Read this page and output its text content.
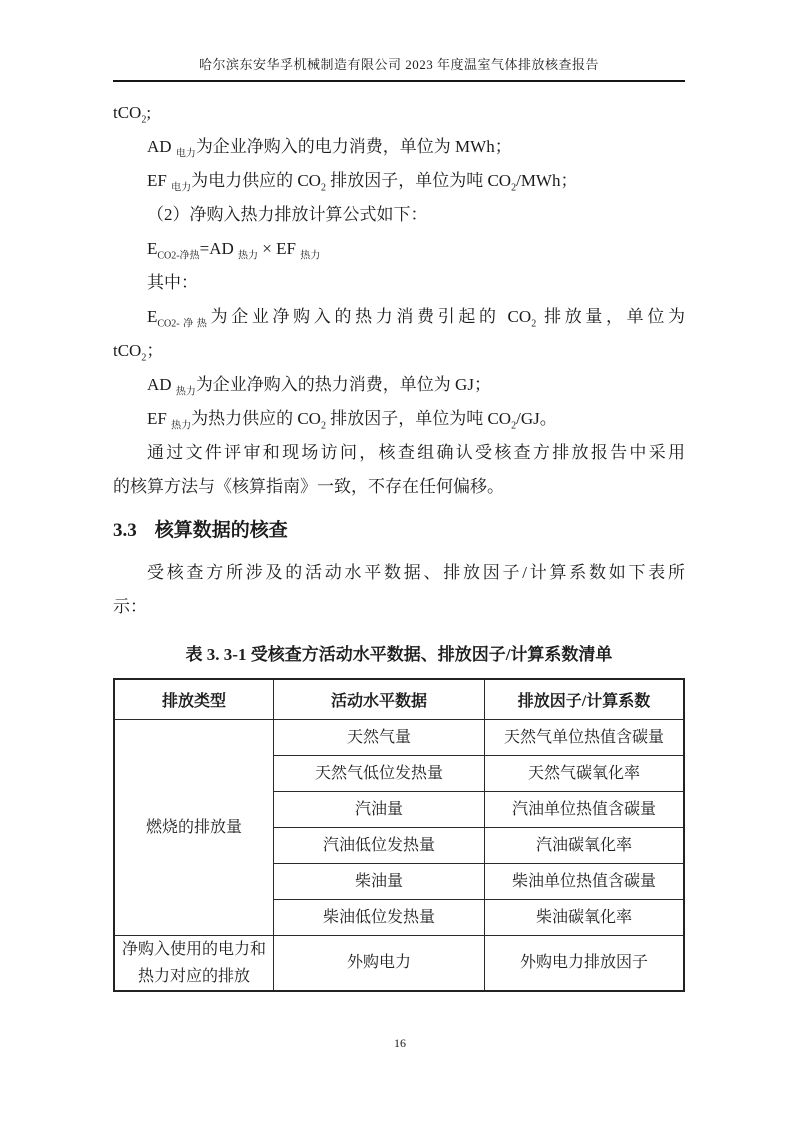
哈尔滨东安华孚机械制造有限公司 2023 年度温室气体排放核查报告

tCO$_2$;

AD $_{电力}$为企业净购入的电力消费，单位为 MWh；

EF $_{电力}$为电力供应的 $CO_2$ 排放因子，单位为吨 $CO_2$/MWh；

（2）净购入热力排放计算公式如下：

$E_{CO2-净热}=AD$ $_{热力}$ × EF $_{热力}$

其中：

$E_{CO2-净热}$为企业净购入的热力消费引起的 $CO_2$ 排放量，单位为

tCO$_2$；

AD $_{热力}$为企业净购入的热力消费，单位为 GJ；

EF $_{热力}$为热力供应的 $CO_2$ 排放因子，单位为吨 $CO_2/GJ$。

通过文件评审和现场访问，核查组确认受核查方排放报告中采用

的核算方法与《核算指南》一致，不存在任何偏移。

3.3 核算数据的核查

受核查方所涉及的活动水平数据、排放因子/计算系数如下表所

示：

表 3. 3-1 受核查方活动水平数据、排放因子/计算系数清单
排放类型	活动水平数据	排放因子/计算系数
燃烧的排放量	天然气量	天然气单位热值含碳量
	天然气低位发热量	天然气碳氧化率
	汽油量	汽油单位热值含碳量
	汽油低位发热量	汽油碳氧化率
	柴油量	柴油单位热值含碳量
	柴油低位发热量	柴油碳氧化率
净购入使用的电力和热力对应的排放	外购电力	外购电力排放因子
16
